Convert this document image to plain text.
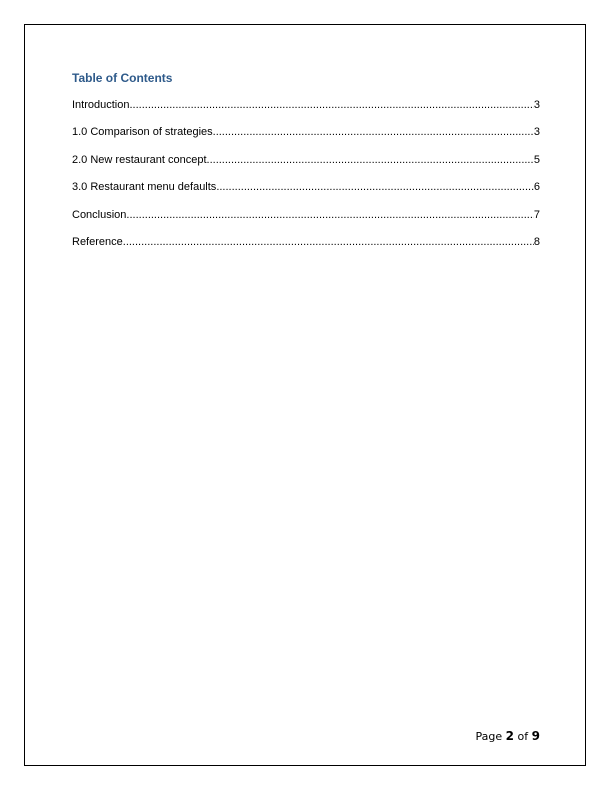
Table of Contents
Introduction .....	3
1.0 Comparison of strategies .....	3
2.0 New restaurant concept .....	5
3.0 Restaurant menu defaults .....	6
Conclusion .....	7
Reference .....	8
Page 2 of 9
